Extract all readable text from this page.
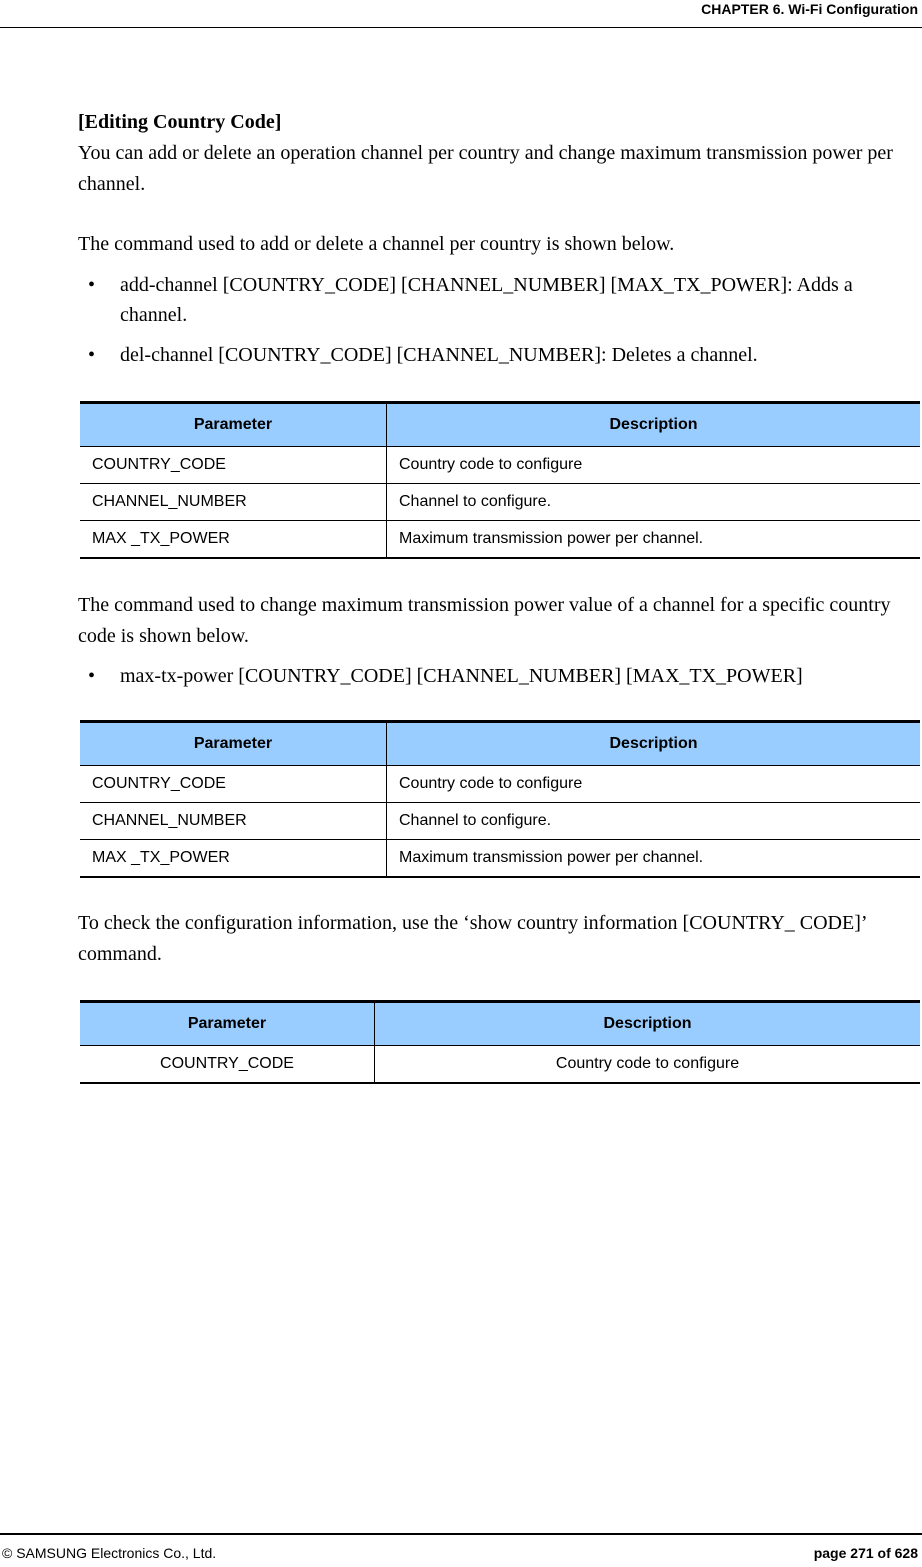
CHAPTER 6. Wi-Fi Configuration

[Editing Country Code]

You can add or delete an operation channel per country and change maximum transmission power per channel.

The command used to add or delete a channel per country is shown below.

• add-channel [COUNTRY_CODE] [CHANNEL_NUMBER] [MAX_TX_POWER]: Adds a channel.
• del-channel [COUNTRY_CODE] [CHANNEL_NUMBER]: Deletes a channel.
Parameter	Description
COUNTRY_CODE	Country code to configure
CHANNEL_NUMBER	Channel to configure.
MAX _TX_POWER	Maximum transmission power per channel.

The command used to change maximum transmission power value of a channel for a specific country code is shown below.

• max-tx-power [COUNTRY_CODE] [CHANNEL_NUMBER] [MAX_TX_POWER]
Parameter	Description
COUNTRY_CODE	Country code to configure
CHANNEL_NUMBER	Channel to configure.
MAX _TX_POWER	Maximum transmission power per channel.

To check the configuration information, use the ‘show country information [COUNTRY_ CODE]’ command.

Parameter	Description
COUNTRY_CODE	Country code to configure
© SAMSUNG Electronics Co., Ltd.	page 271 of 628
